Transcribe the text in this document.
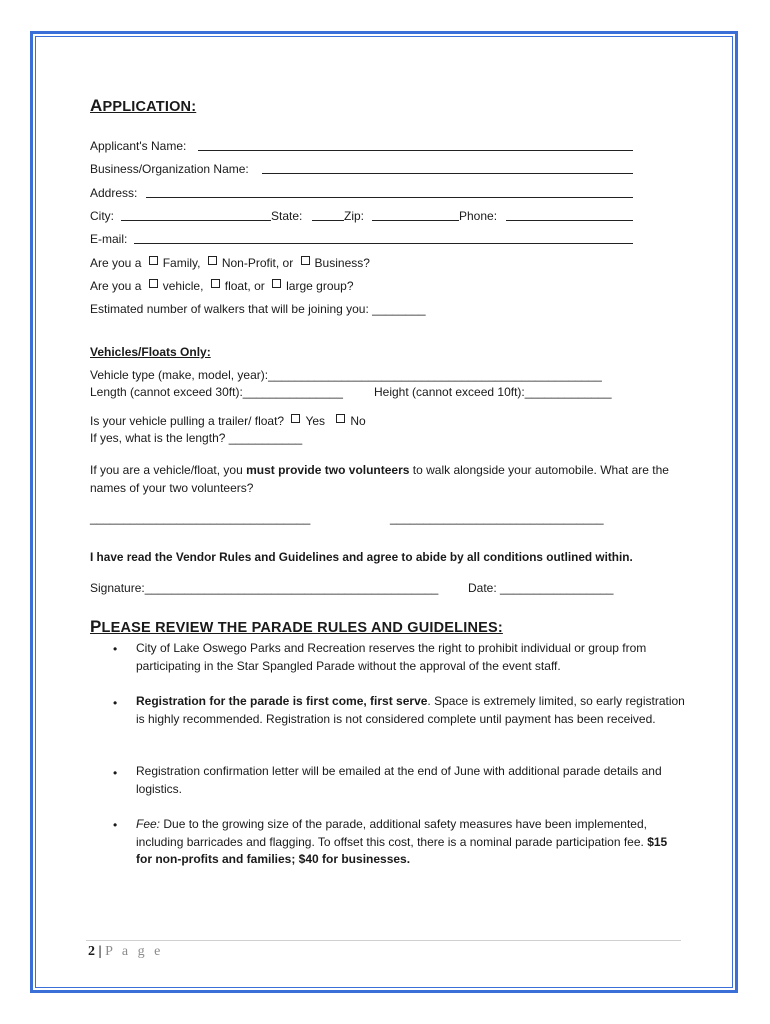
APPLICATION:
Applicant's Name:
Business/Organization Name:
Address:
City:	State:	Zip:	Phone:
E-mail:
Are you a Family, Non-Profit, or Business?
Are you a vehicle, float, or large group?
Estimated number of walkers that will be joining you: ________
Vehicles/Floats Only:
Vehicle type (make, model, year):__________________________________________________
Length (cannot exceed 30ft):_______________	Height (cannot exceed 10ft):_____________
Is your vehicle pulling a trailer/ float? Yes No
If yes, what is the length? ___________
If you are a vehicle/float, you must provide two volunteers to walk alongside your automobile. What are the names of your two volunteers?
_________________________________	________________________________
I have read the Vendor Rules and Guidelines and agree to abide by all conditions outlined within.
Signature:____________________________________________ Date: _________________
PLEASE REVIEW THE PARADE RULES AND GUIDELINES:
• City of Lake Oswego Parks and Recreation reserves the right to prohibit individual or group from participating in the Star Spangled Parade without the approval of the event staff.
• Registration for the parade is first come, first serve. Space is extremely limited, so early registration is highly recommended. Registration is not considered complete until payment has been received.
• Registration confirmation letter will be emailed at the end of June with additional parade details and logistics.
• Fee: Due to the growing size of the parade, additional safety measures have been implemented, including barricades and flagging. To offset this cost, there is a nominal parade participation fee. $15 for non-profits and families; $40 for businesses.
2 | P a g e
